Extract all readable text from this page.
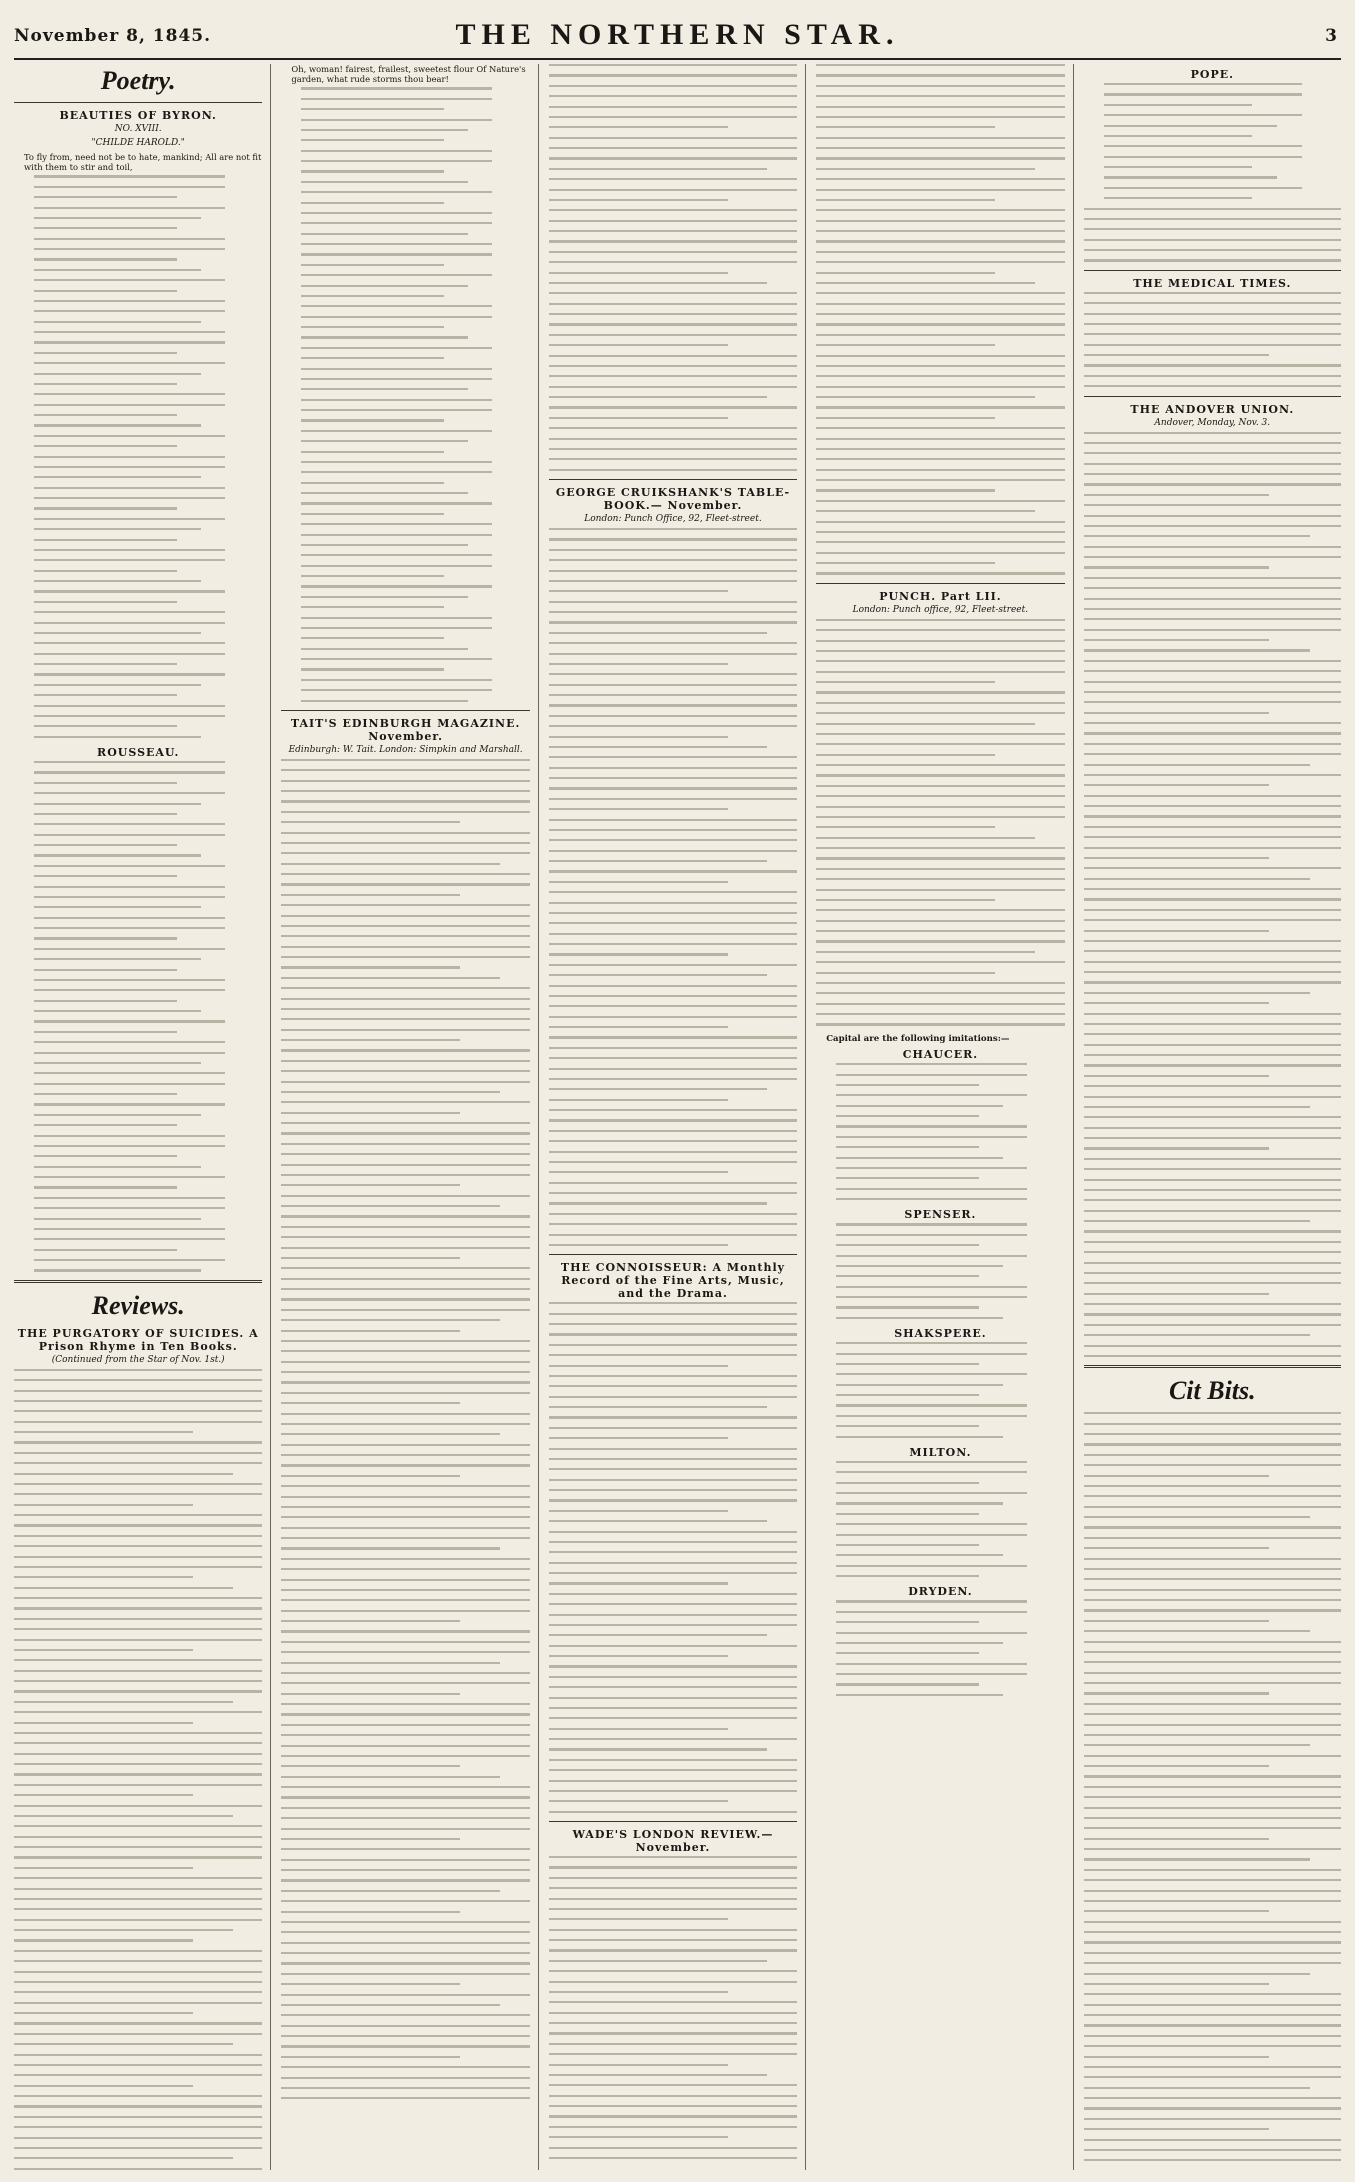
November 8, 1845.	THE NORTHERN STAR.	3
Poetry.
BEAUTIES OF BYRON.
NO. XVIII.
"CHILDE HAROLD."
To fly from, need not be to hate, mankind; All are not fit with them to stir and toil,
ROUSSEAU.
Reviews.
THE PURGATORY OF SUICIDES. A Prison Rhyme in Ten Books.
(Continued from the Star of Nov. 1st.)
Oh, woman! fairest, frailest, sweetest flour Of Nature's garden, what rude storms thou bear!
TAIT'S EDINBURGH MAGAZINE. November.
Edinburgh: W. Tait. London: Simpkin and Marshall.
GEORGE CRUIKSHANK'S TABLE-BOOK.— November.
London: Punch Office, 92, Fleet-street.
THE CONNOISSEUR: A Monthly Record of the Fine Arts, Music, and the Drama.
WADE'S LONDON REVIEW.—November.
PUNCH. Part LII.
London: Punch office, 92, Fleet-street.
Capital are the following imitations:—
CHAUCER.
SPENSER.
SHAKSPERE.
MILTON.
DRYDEN.
POPE.
THE MEDICAL TIMES.
THE ANDOVER UNION.
Andover, Monday, Nov. 3.
Cit Bits.
